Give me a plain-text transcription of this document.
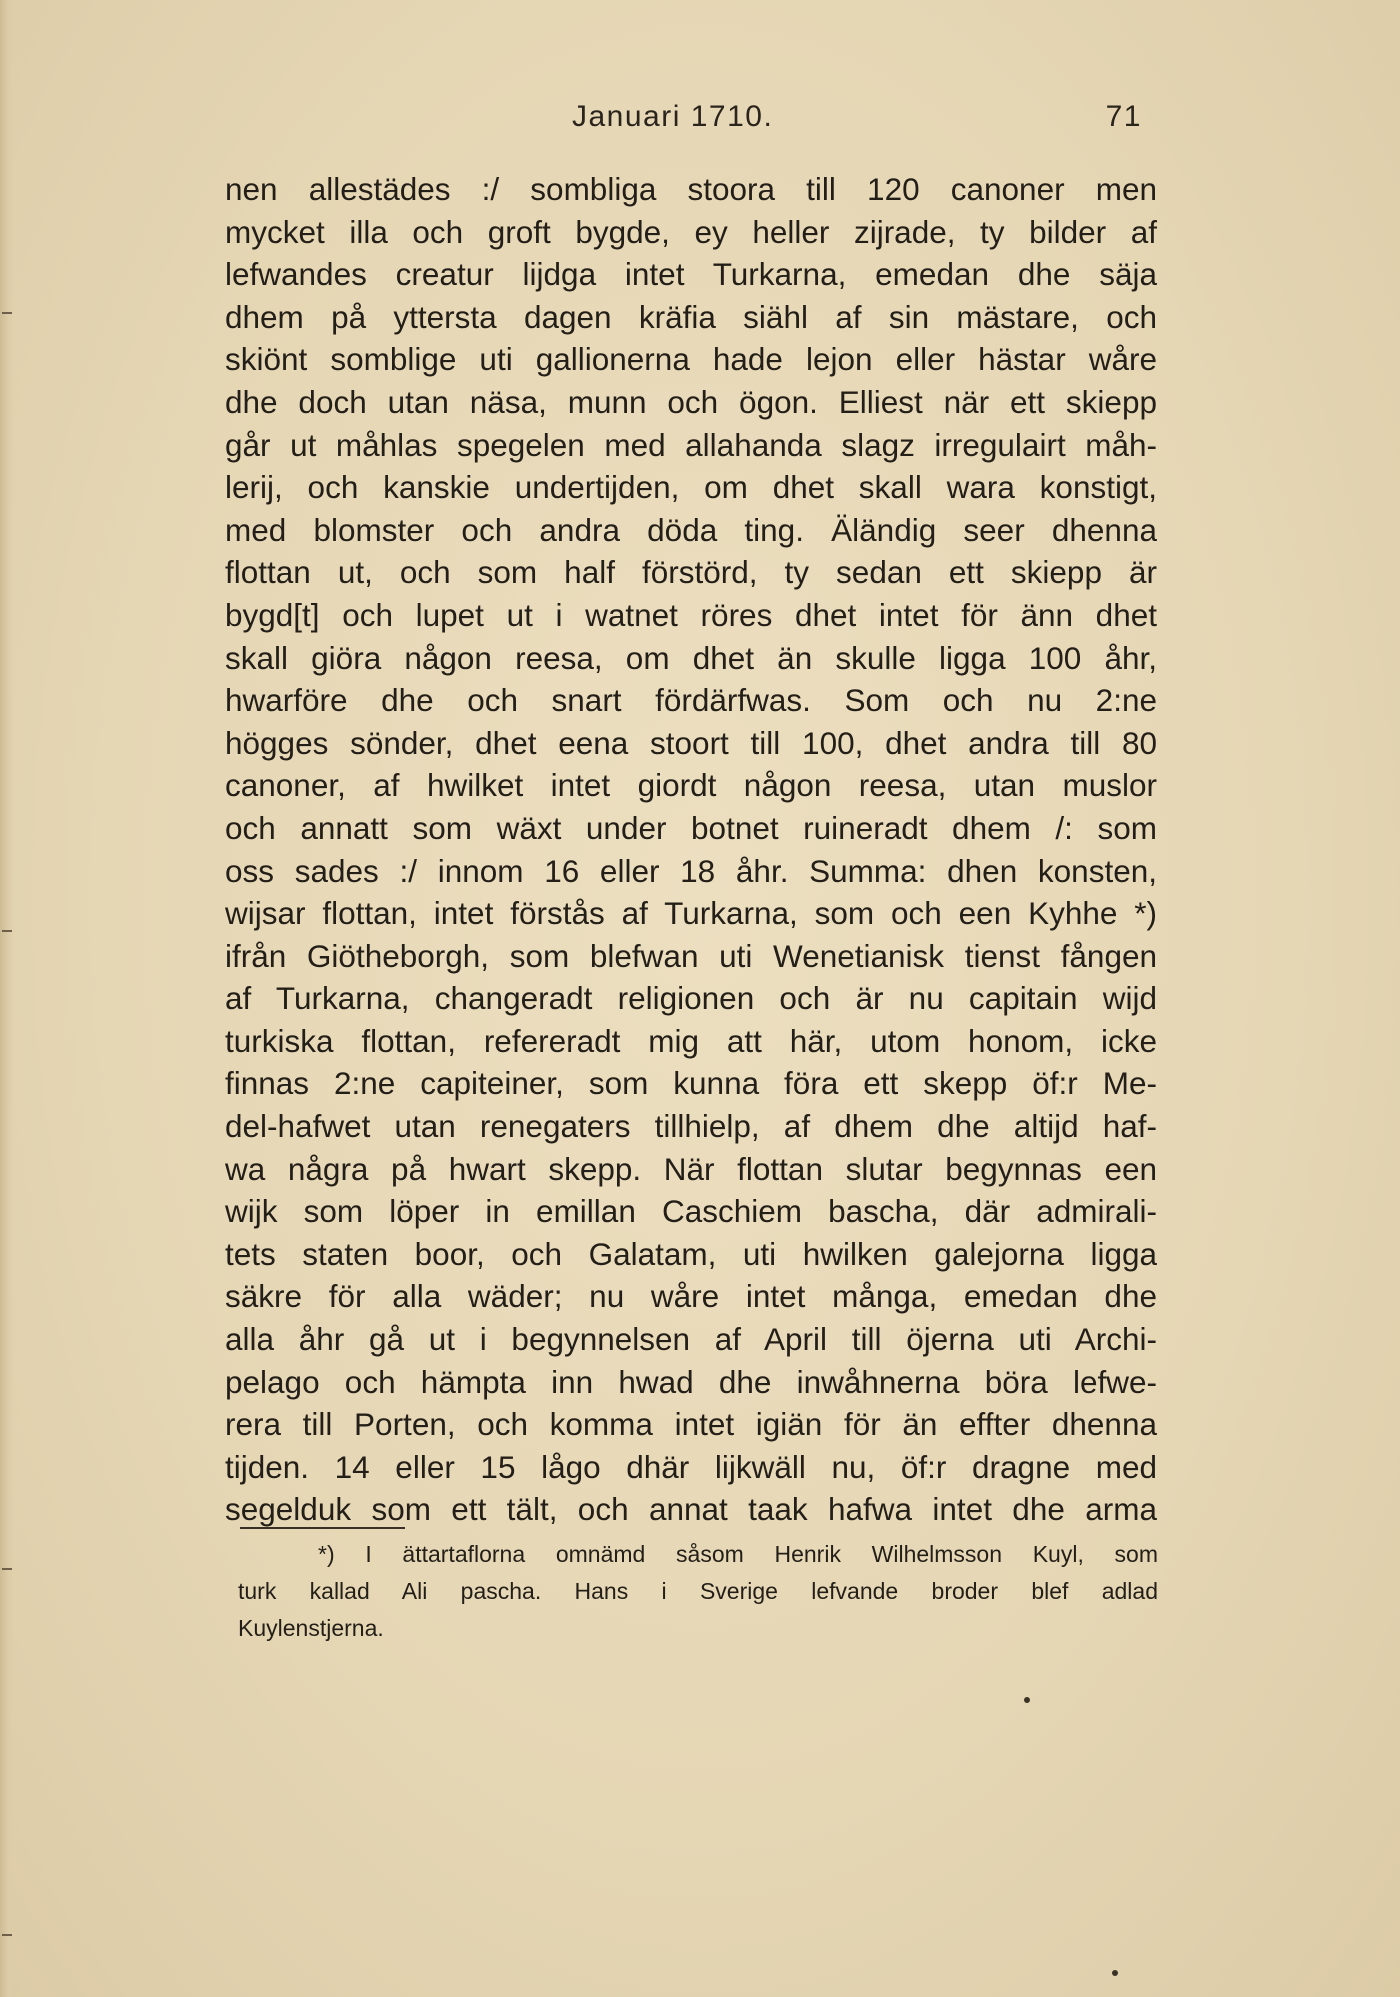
Januari 1710.	71
nen allestädes :/ sombliga stoora till 120 canoner men
mycket illa och groft bygde, ey heller zijrade, ty bilder af
lefwandes creatur lijdga intet Turkarna, emedan dhe säja
dhem på yttersta dagen kräfia siähl af sin mästare, och
skiönt somblige uti gallionerna hade lejon eller hästar wåre
dhe doch utan näsa, munn och ögon. Elliest när ett skiepp
går ut måhlas spegelen med allahanda slagz irregulairt måh-
lerij, och kanskie undertijden, om dhet skall wara konstigt,
med blomster och andra döda ting. Äländig seer dhenna
flottan ut, och som half förstörd, ty sedan ett skiepp är
bygd[t] och lupet ut i watnet röres dhet intet för änn dhet
skall giöra någon reesa, om dhet än skulle ligga 100 åhr,
hwarföre dhe och snart fördärfwas. Som och nu 2:ne
högges sönder, dhet eena stoort till 100, dhet andra till 80
canoner, af hwilket intet giordt någon reesa, utan muslor
och annatt som wäxt under botnet ruineradt dhem /: som
oss sades :/ innom 16 eller 18 åhr. Summa: dhen konsten,
wijsar flottan, intet förstås af Turkarna, som och een Kyhhe *)
ifrån Giötheborgh, som blefwan uti Wenetianisk tienst fången
af Turkarna, changeradt religionen och är nu capitain wijd
turkiska flottan, refereradt mig att här, utom honom, icke
finnas 2:ne capiteiner, som kunna föra ett skepp öf:r Me-
del-hafwet utan renegaters tillhielp, af dhem dhe altijd haf-
wa några på hwart skepp. När flottan slutar begynnas een
wijk som löper in emillan Caschiem bascha, där admirali-
tets staten boor, och Galatam, uti hwilken galejorna ligga
säkre för alla wäder; nu wåre intet många, emedan dhe
alla åhr gå ut i begynnelsen af April till öjerna uti Archi-
pelago och hämpta inn hwad dhe inwåhnerna böra lefwe-
rera till Porten, och komma intet igiän för än effter dhenna
tijden. 14 eller 15 lågo dhär lijkwäll nu, öf:r dragne med
segelduk som ett tält, och annat taak hafwa intet dhe arma
*) I ättartaflorna omnämd såsom Henrik Wilhelmsson Kuyl, som
turk kallad Ali pascha. Hans i Sverige lefvande broder blef adlad
Kuylenstjerna.
